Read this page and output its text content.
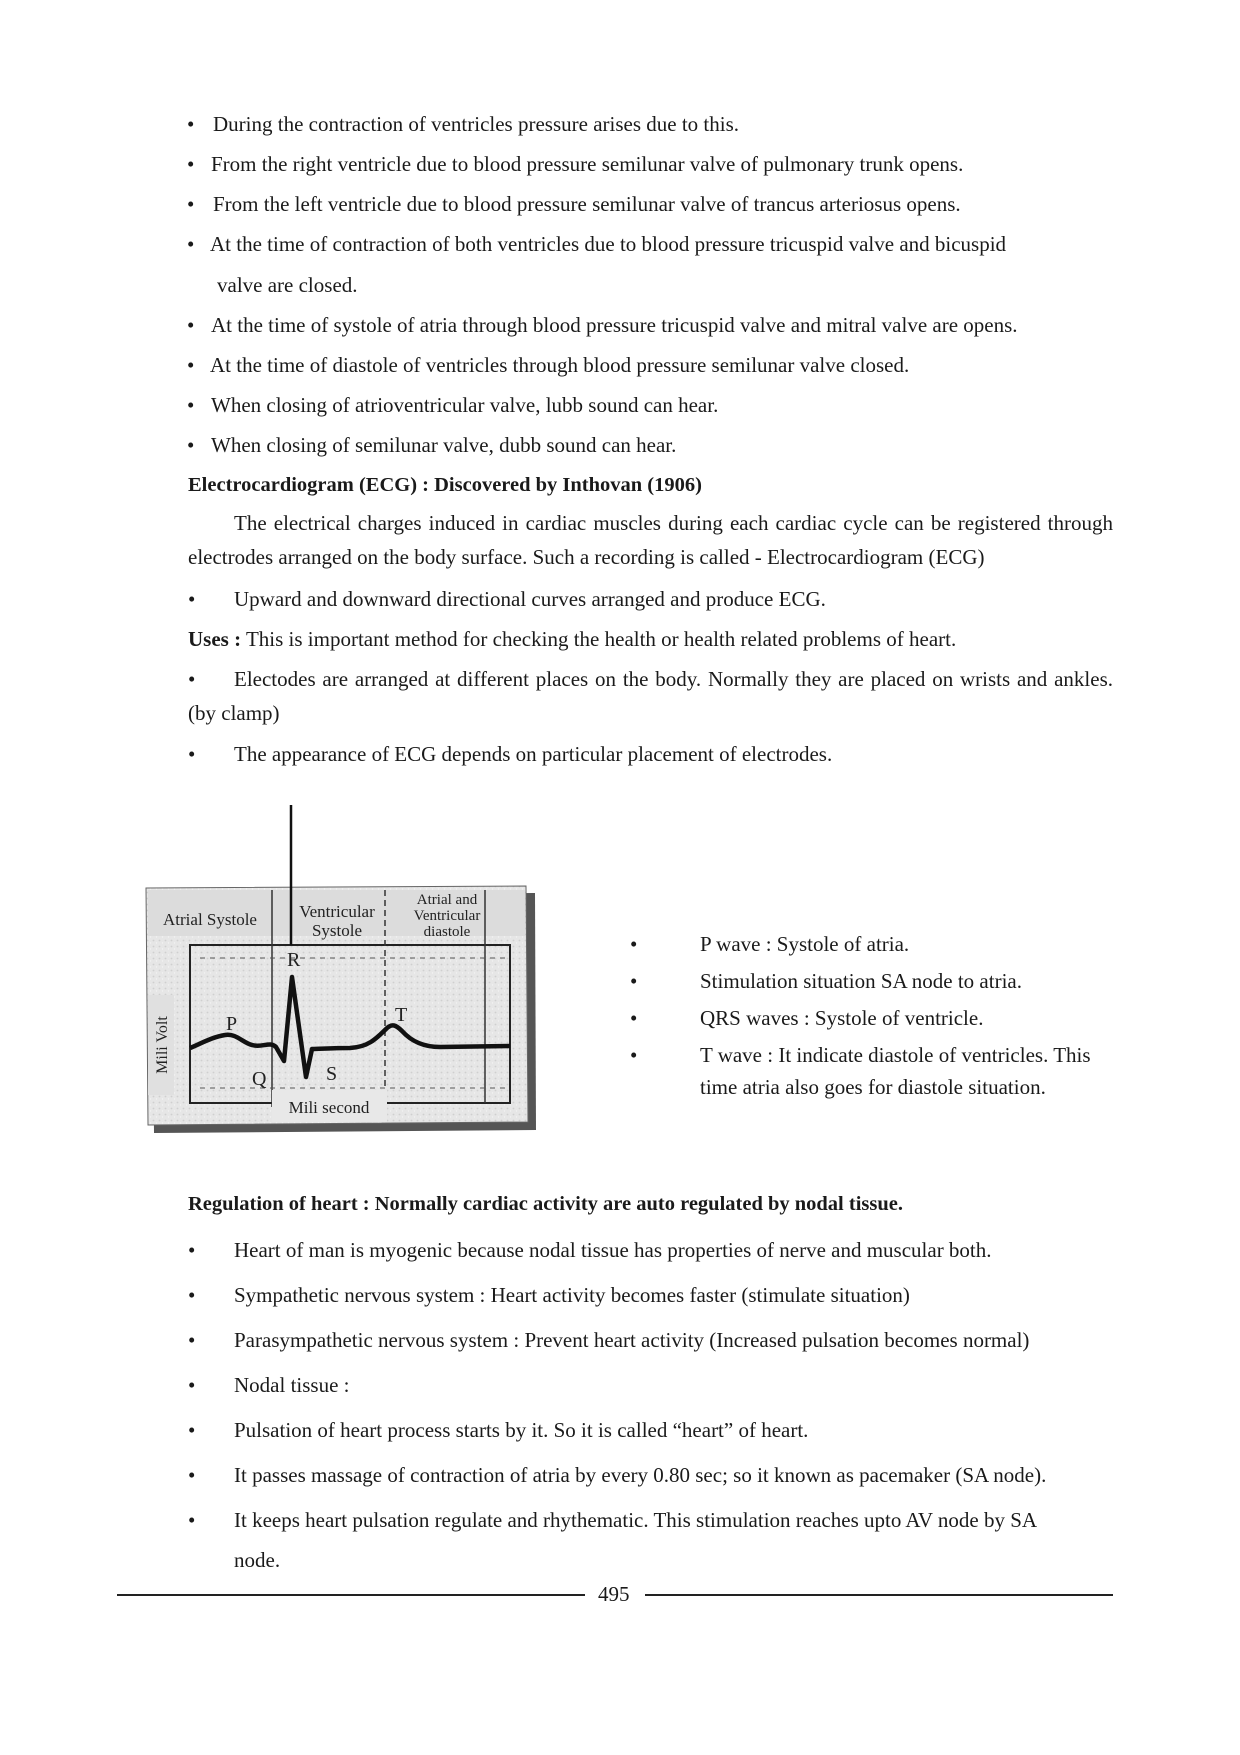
• During the contraction of ventricles pressure arises due to this.
• From the right ventricle due to blood pressure semilunar valve of pulmonary trunk opens.
• From the left ventricle due to blood pressure semilunar valve of trancus arteriosus opens.
• At the time of contraction of both ventricles due to blood pressure tricuspid valve and bicuspid
valve are closed.
• At the time of systole of atria through blood pressure tricuspid valve and mitral valve are opens.
• At the time of diastole of ventricles through blood pressure semilunar valve closed.
• When closing of atrioventricular valve, lubb sound can hear.
• When closing of semilunar valve, dubb sound can hear.
Electrocardiogram (ECG) : Discovered by Inthovan (1906)
The electrical charges induced in cardiac muscles during each cardiac cycle can be registered through electrodes arranged on the body surface. Such a recording is called - Electrocardiogram (ECG)
• Upward and downward directional curves arranged and produce ECG.
Uses : This is important method for checking the health or health related problems of heart.
•	Electodes are arranged at different places on the body. Normally they are placed on wrists and ankles. (by clamp)
• The appearance of ECG depends on particular placement of electrodes.
Atrial Systole Ventricular
Systole
Atrial and
Ventricular
diastole
R
P
Q	S
T
Mili Volt
Mili second
•	P wave : Systole of atria.
•	Stimulation situation SA node to atria.
•	QRS waves : Systole of ventricle.
•	T wave : It indicate diastole of ventricles. This
time atria also goes for diastole situation.
Regulation of heart : Normally cardiac activity are auto regulated by nodal tissue.
• Heart of man is myogenic because nodal tissue has properties of nerve and muscular both.
• Sympathetic nervous system : Heart activity becomes faster (stimulate situation)
• Parasympathetic nervous system : Prevent heart activity (Increased pulsation becomes normal)
• Nodal tissue :
• Pulsation of heart process starts by it. So it is called “heart” of heart.
• It passes massage of contraction of atria by every 0.80 sec; so it known as pacemaker (SA node).
• It keeps heart pulsation regulate and rhythematic. This stimulation reaches upto AV node by SA
node.
495
